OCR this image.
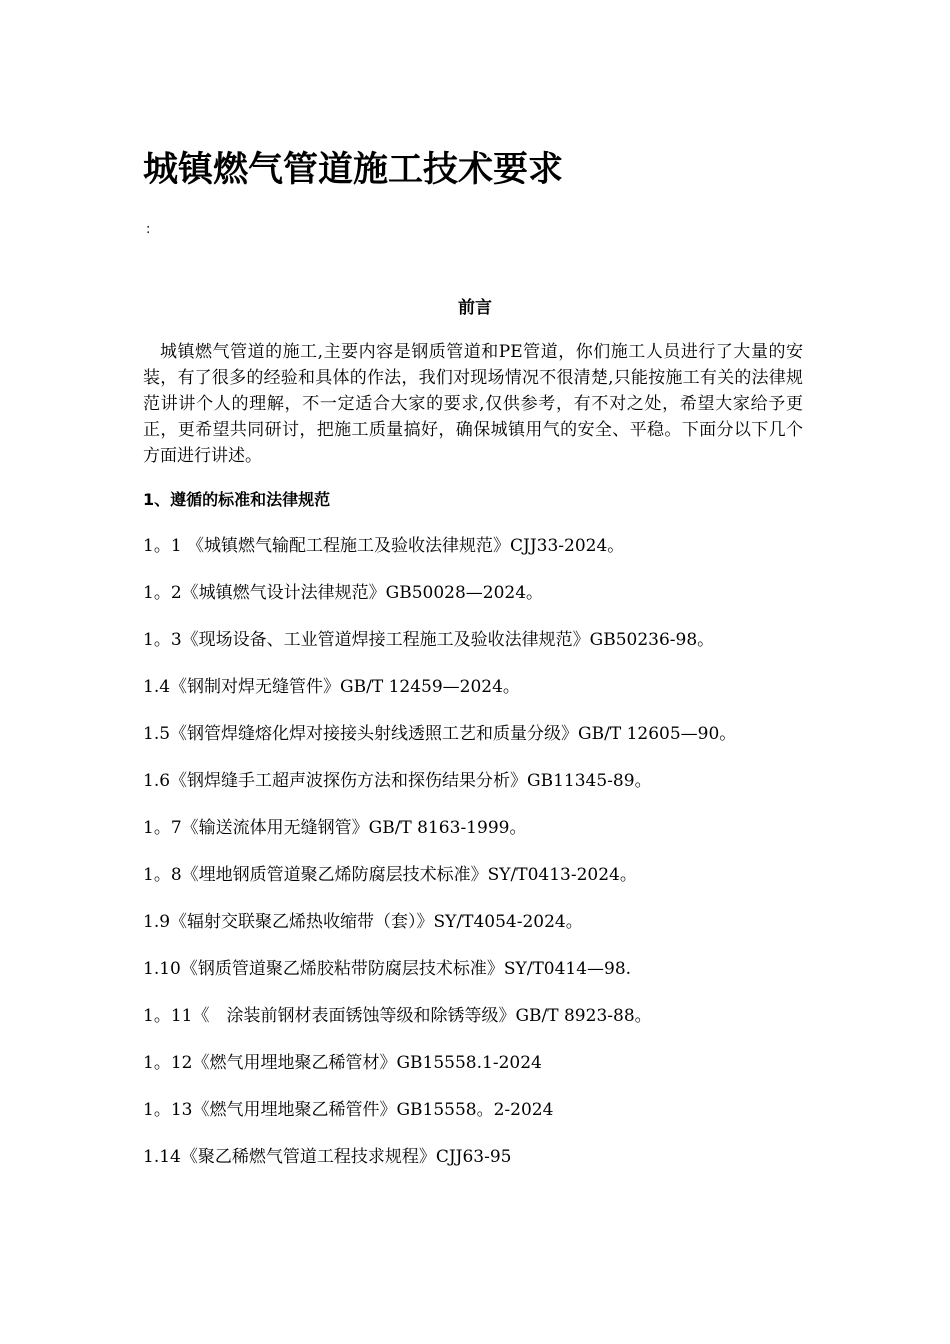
城镇燃气管道施工技术要求
:
前言

城镇燃气管道的施工,主要内容是钢质管道和PE管道，你们施工人员进行了大量的安装，有了很多的经验和具体的作法，我们对现场情况不很清楚,只能按施工有关的法律规范讲讲个人的理解，不一定适合大家的要求,仅供参考，有不对之处，希望大家给予更正，更希望共同研讨，把施工质量搞好，确保城镇用气的安全、平稳。下面分以下几个方面进行讲述。

1、遵循的标准和法律规范
1。1 《城镇燃气输配工程施工及验收法律规范》CJJ33-2024。
1。2《城镇燃气设计法律规范》GB50028—2024。
1。3《现场设备、工业管道焊接工程施工及验收法律规范》GB50236-98。
1.4《钢制对焊无缝管件》GB/T 12459—2024。
1.5《钢管焊缝熔化焊对接接头射线透照工艺和质量分级》GB/T 12605—90。
1.6《钢焊缝手工超声波探伤方法和探伤结果分析》GB11345-89。
1。7《输送流体用无缝钢管》GB/T 8163-1999。
1。8《埋地钢质管道聚乙烯防腐层技术标准》SY/T0413-2024。
1.9《辐射交联聚乙烯热收缩带（套）》SY/T4054-2024。
1.10《钢质管道聚乙烯胶粘带防腐层技术标准》SY/T0414—98.
1。11《　涂装前钢材表面锈蚀等级和除锈等级》GB/T 8923-88。
1。12《燃气用埋地聚乙稀管材》GB15558.1-2024
1。13《燃气用埋地聚乙稀管件》GB15558。2-2024
1.14《聚乙稀燃气管道工程技求规程》CJJ63-95
